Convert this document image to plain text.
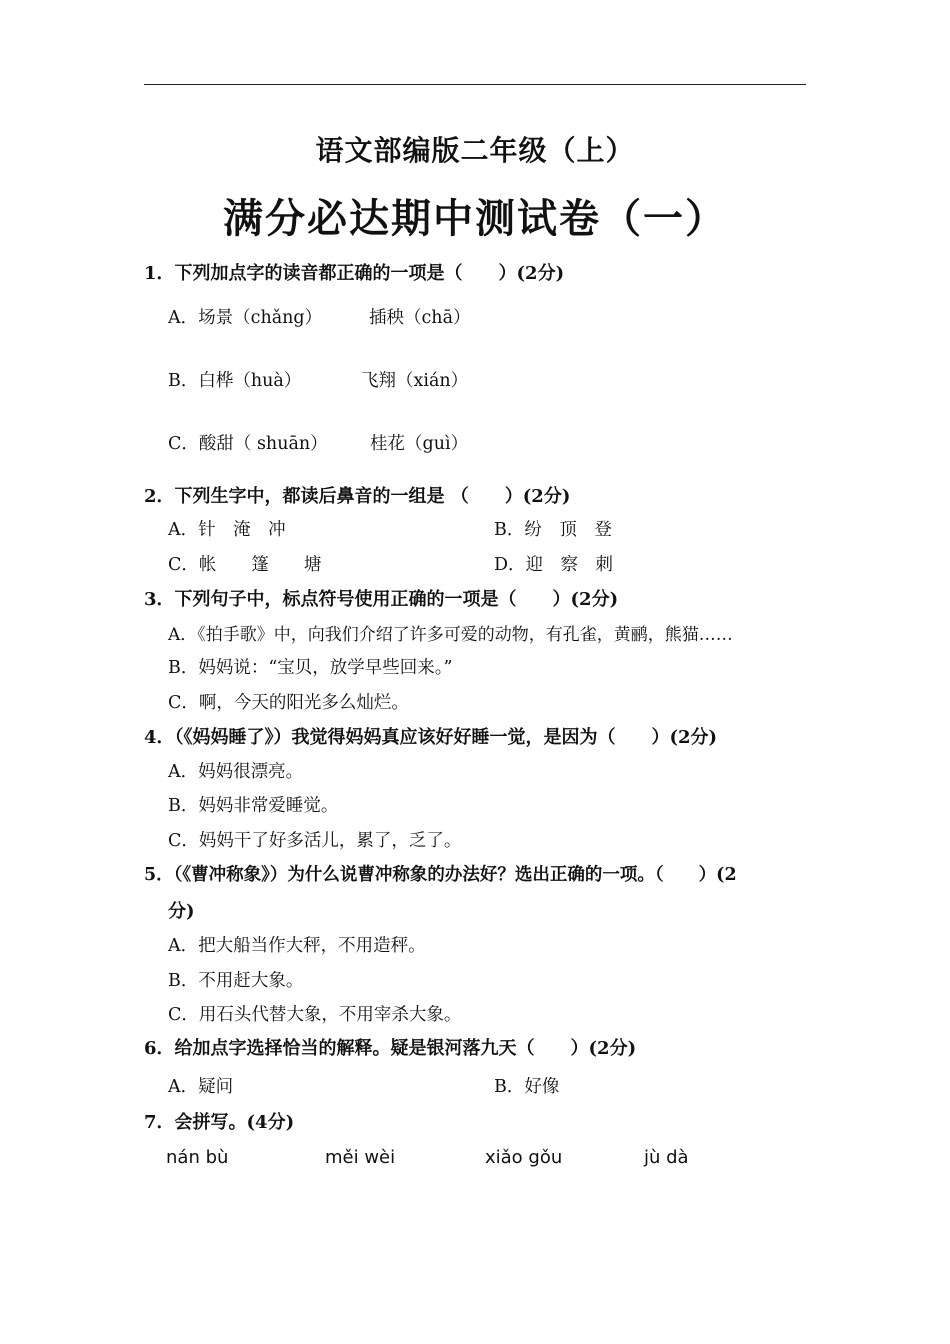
语文部编版二年级（上）
满分必达期中测试卷（一）
1．下列加点字的读音都正确的一项是（　　）(2分)
A．场景（chǎng）	插秧（chā）
B．白桦（huà）	飞翔（xián）
C．酸甜（ shuān） 桂花（guì）
2．下列生字中，都读后鼻音的一组是 （　　）(2分)
A．针　淹　冲	B．纷　顶　登
C．帐　　篷　　塘	D．迎　察　刺
3．下列句子中，标点符号使用正确的一项是（　　）(2分)
A．《拍手歌》中，向我们介绍了许多可爱的动物，有孔雀，黄鹂，熊猫……
B．妈妈说：“宝贝，放学早些回来。”
C．啊，今天的阳光多么灿烂。
4．（《妈妈睡了》）我觉得妈妈真应该好好睡一觉，是因为（　　）(2分)
A．妈妈很漂亮。
B．妈妈非常爱睡觉。
C．妈妈干了好多活儿，累了，乏了。
5．（《曹冲称象》）为什么说曹冲称象的办法好？选出正确的一项。（　　）(2
分)
A．把大船当作大秤，不用造秤。
B．不用赶大象。
C．用石头代替大象，不用宰杀大象。
6．给加点字选择恰当的解释。疑是银河落九天（　　）(2分)
A．疑问	B．好像
7．会拼写。(4分)
nán bù	měi wèi	xiǎo gǒu	jù dà
